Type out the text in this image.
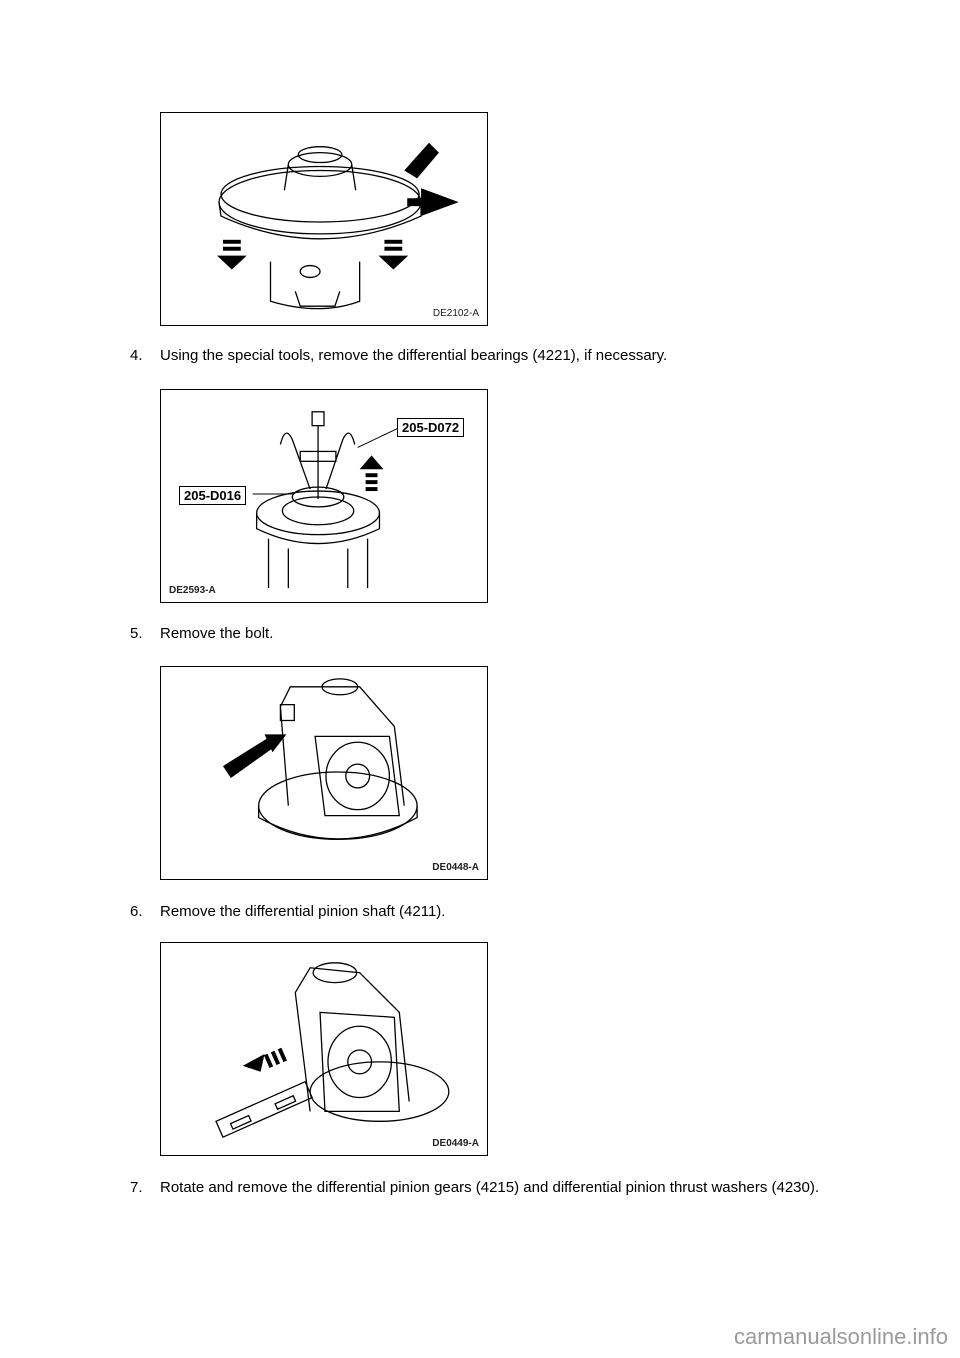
DE2102-A
4. Using the special tools, remove the differential bearings (4221), if necessary.
205-D072
205-D016
DE2593-A
5. Remove the bolt.
DE0448-A
6. Remove the differential pinion shaft (4211).
DE0449-A
7. Rotate and remove the differential pinion gears (4215) and differential pinion thrust washers (4230).
carmanualsonline.info
